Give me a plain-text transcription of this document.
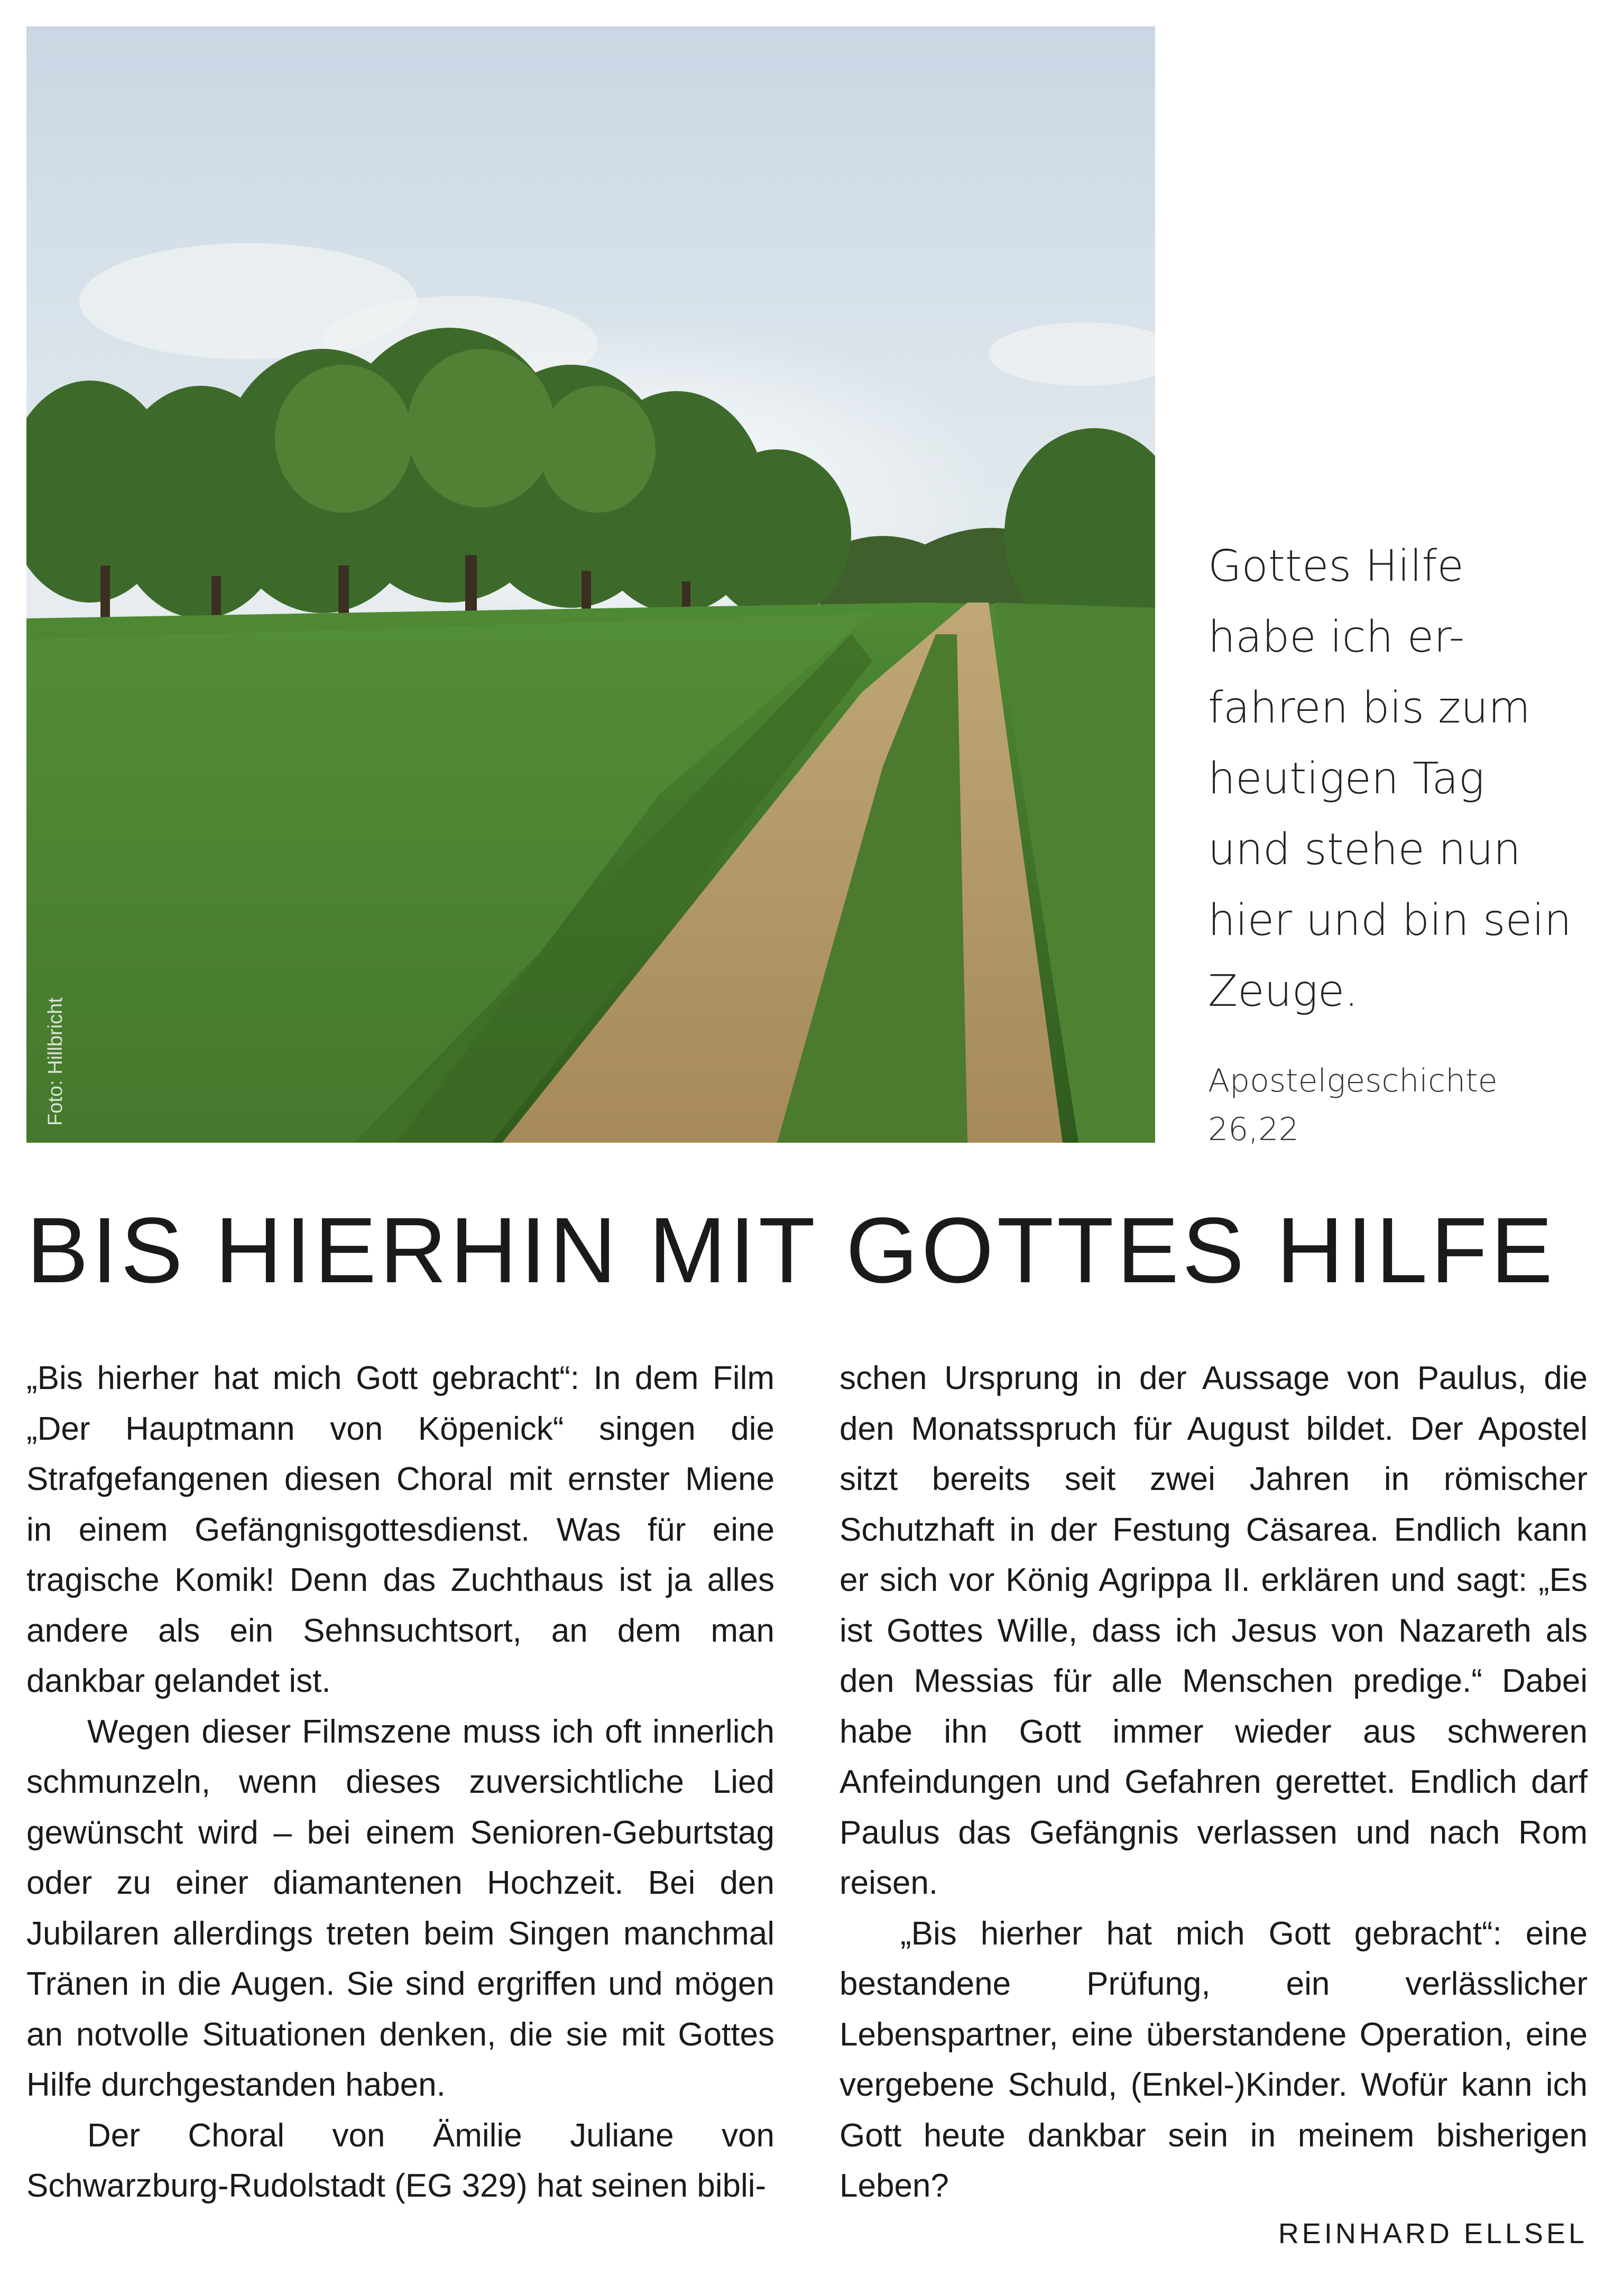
Foto: Hillbricht

Gottes Hilfe
habe ich er-
fahren bis zum
heutigen Tag
und stehe nun
hier und bin sein
Zeuge.

Apostelgeschichte
26,22
BIS HIERHIN MIT GOTTES HILFE

„Bis hierher hat mich Gott gebracht“: In dem Film „Der Hauptmann von Köpenick“ singen die Strafgefangenen diesen Choral mit ernster Miene in einem Gefängnisgottesdienst. Was für eine tragische Komik! Denn das Zuchthaus ist ja alles andere als ein Sehnsuchtsort, an dem man dankbar gelandet ist.

Wegen dieser Filmszene muss ich oft innerlich schmunzeln, wenn dieses zuversichtliche Lied gewünscht wird – bei einem Senioren-Geburtstag oder zu einer diamantenen Hochzeit. Bei den Jubilaren allerdings treten beim Singen manchmal Tränen in die Augen. Sie sind ergriffen und mögen an notvolle Situationen denken, die sie mit Gottes Hilfe durchgestanden haben.

Der Choral von Ämilie Juliane von Schwarzburg-Rudolstadt (EG 329) hat seinen bibli-

schen Ursprung in der Aussage von Paulus, die den Monatsspruch für August bildet. Der Apostel sitzt bereits seit zwei Jahren in römischer Schutzhaft in der Festung Cäsarea. Endlich kann er sich vor König Agrippa II. erklären und sagt: „Es ist Gottes Wille, dass ich Jesus von Nazareth als den Messias für alle Menschen predige.“ Dabei habe ihn Gott immer wieder aus schweren Anfeindungen und Gefahren gerettet. Endlich darf Paulus das Gefängnis verlassen und nach Rom reisen.

„Bis hierher hat mich Gott gebracht“: eine bestandene Prüfung, ein verlässlicher Lebenspartner, eine überstandene Operation, eine vergebene Schuld, (Enkel-)Kinder. Wofür kann ich Gott heute dankbar sein in meinem bisherigen Leben?

REINHARD ELLSEL
